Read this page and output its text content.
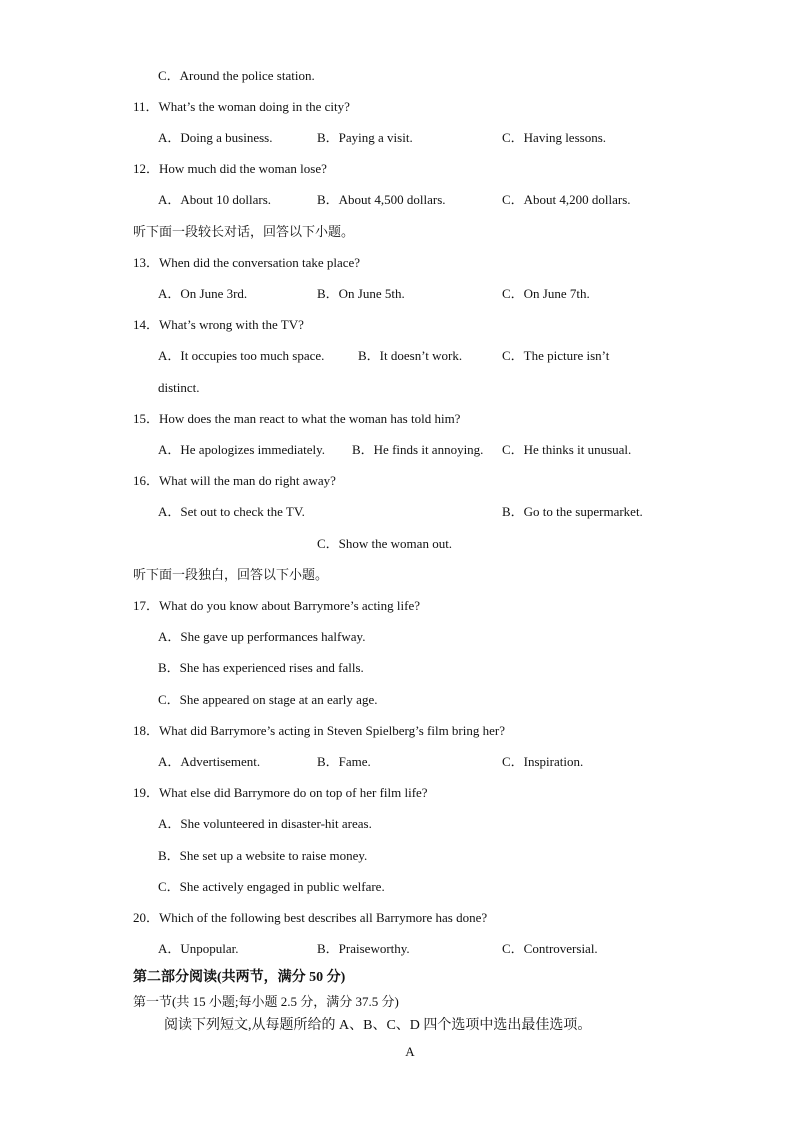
C．Around the police station.
11．What’s the woman doing in the city?
A．Doing a business.	B．Paying a visit.	C．Having lessons.
12．How much did the woman lose?
A．About 10 dollars.	B．About 4,500 dollars.	C．About 4,200 dollars.
听下面一段较长对话，回答以下小题。
13．When did the conversation take place?
A．On June 3rd.	B．On June 5th.	C．On June 7th.
14．What’s wrong with the TV?
A．It occupies too much space.	B．It doesn’t work.	C．The picture isn’t
distinct.
15．How does the man react to what the woman has told him?
A．He apologizes immediately. B．He finds it annoying. C．He thinks it unusual.
16．What will the man do right away?
A．Set out to check the TV.	B．Go to the supermarket.
C．Show the woman out.
听下面一段独白，回答以下小题。
17．What do you know about Barrymore’s acting life?
A．She gave up performances halfway.
B．She has experienced rises and falls.
C．She appeared on stage at an early age.
18．What did Barrymore’s acting in Steven Spielberg’s film bring her?
A．Advertisement.	B．Fame.	C．Inspiration.
19．What else did Barrymore do on top of her film life?
A．She volunteered in disaster-hit areas.
B．She set up a website to raise money.
C．She actively engaged in public welfare.
20．Which of the following best describes all Barrymore has done?
A．Unpopular.	B．Praiseworthy.	C．Controversial.
第二部分阅读(共两节，满分 50 分)
第一节(共 15 小题;每小题 2.5 分，满分 37.5 分)
阅读下列短文,从每题所给的 A、B、C、D 四个选项中选出最佳选项。
A
